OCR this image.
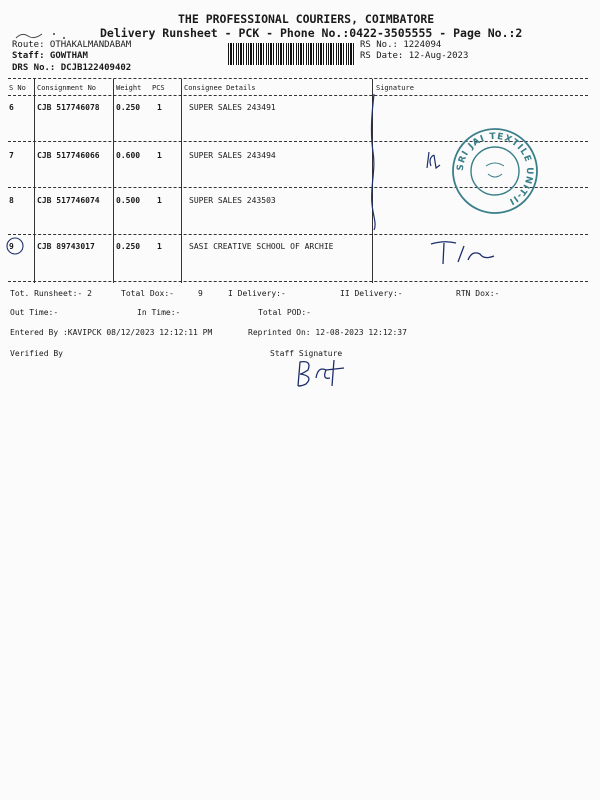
THE PROFESSIONAL COURIERS, COIMBATORE
Delivery Runsheet - PCK - Phone No.:0422-3505555 - Page No.:2
Route: OTHAKALMANDABAM
Staff: GOWTHAM
DRS No.: DCJB122409402
RS No.: 1224094
RS Date: 12-Aug-2023
S No Consignment No	Weight PCS	Consignee Details	Signature
6	CJB 517746078 0.250 1	SUPER SALES 243491
7	CJB 517746066 0.600 1	SUPER SALES 243494
8	CJB 517746074 0.500 1	SUPER SALES 243503
9	CJB 89743017	0.250 1	SASI CREATIVE SCHOOL OF ARCHIE
SRI JAI TEXTILE UNIT-II
Tot. Runsheet:- 2	Total Dox:-	9	I Delivery:-	II Delivery:-	RTN Dox:-
Out Time:-	In Time:-	Total POD:-
Entered By :KAVIPCK 08/12/2023 12:12:11 PM	Reprinted On: 12-08-2023 12:12:37
Verified By	Staff Signature
